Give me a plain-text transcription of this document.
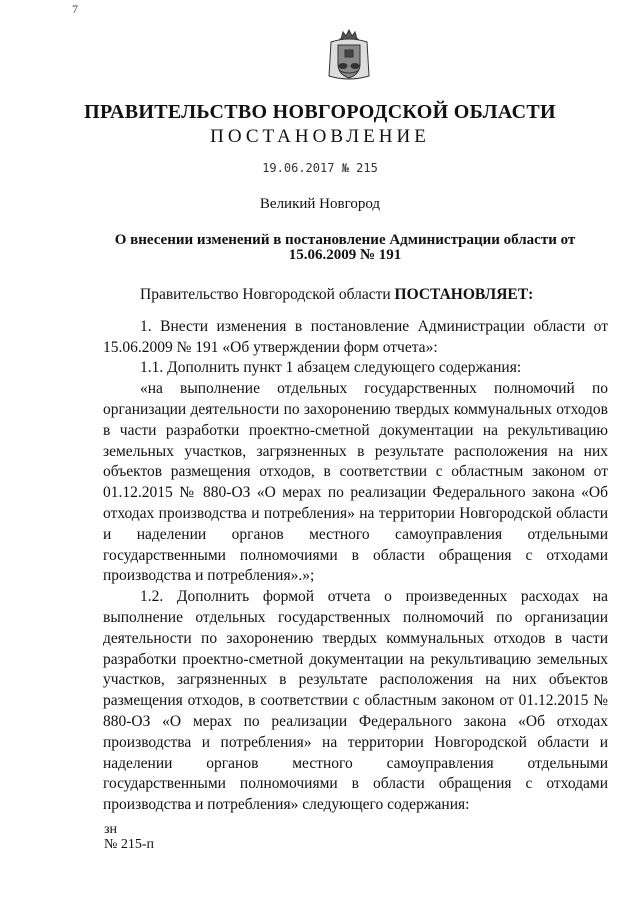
7
ПРАВИТЕЛЬСТВО НОВГОРОДСКОЙ ОБЛАСТИ
ПОСТАНОВЛЕНИЕ
19.06.2017 № 215
Великий Новгород
О внесении изменений в постановление Администрации области от 15.06.2009 № 191

Правительство Новгородской области ПОСТАНОВЛЯЕТ:

1. Внести изменения в постановление Администрации области от 15.06.2009 № 191 «Об утверждении форм отчета»:

1.1. Дополнить пункт 1 абзацем следующего содержания:

«на выполнение отдельных государственных полномочий по организации деятельности по захоронению твердых коммунальных отходов в части разработки проектно-сметной документации на рекультивацию земельных участков, загрязненных в результате расположения на них объектов размещения отходов, в соответствии с областным законом от 01.12.2015 № 880-ОЗ «О мерах по реализации Федерального закона «Об отходах производства и потребления» на территории Новгородской области и наделении органов местного самоуправления отдельными государственными полномочиями в области обращения с отходами производства и потребления».»;

1.2. Дополнить формой отчета о произведенных расходах на выполнение отдельных государственных полномочий по организации деятельности по захоронению твердых коммунальных отходов в части разработки проектно-сметной документации на рекультивацию земельных участков, загрязненных в результате расположения на них объектов размещения отходов, в соответствии с областным законом от 01.12.2015 № 880-ОЗ «О мерах по реализации Федерального закона «Об отходах производства и потребления» на территории Новгородской области и наделении органов местного самоуправления отдельными государственными полномочиями в области обращения с отходами производства и потребления» следующего содержания:

зн
№ 215-п
